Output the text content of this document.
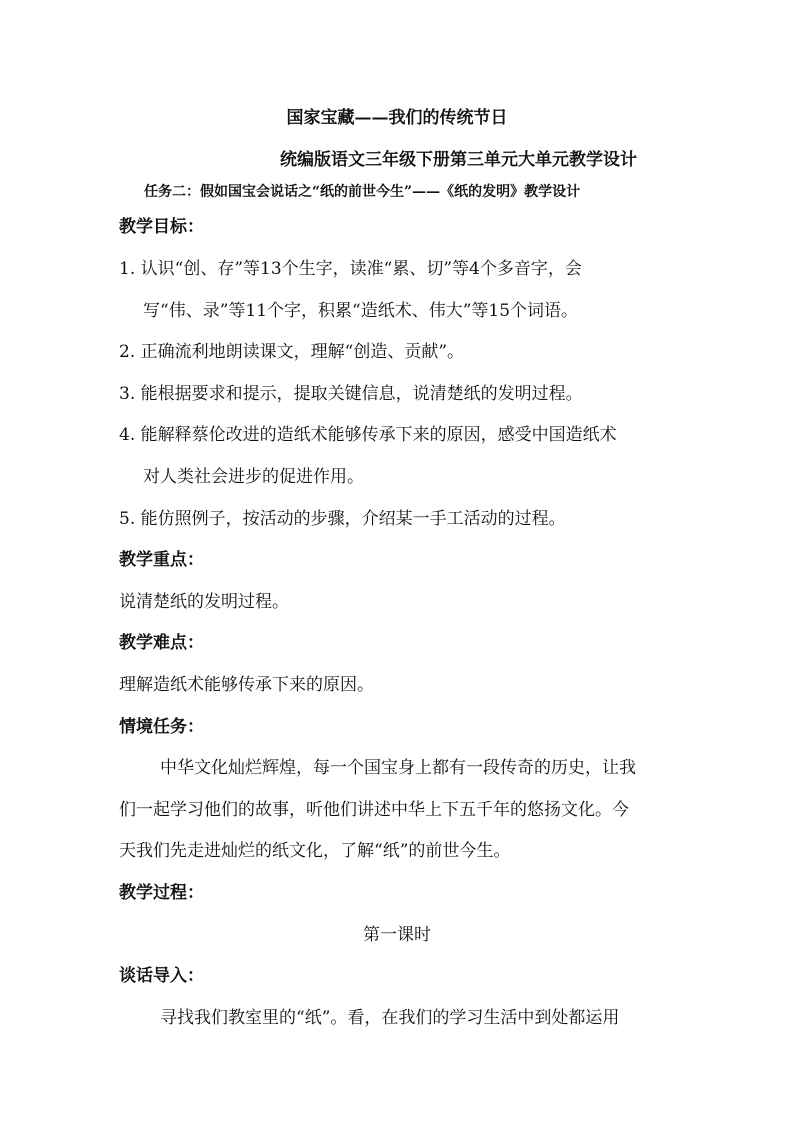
国家宝藏——我们的传统节日
统编版语文三年级下册第三单元大单元教学设计
任务二：假如国宝会说话之“纸的前世今生”——《纸的发明》教学设计
教学目标：
1. 认识“创、存”等13个生字，读准“累、切”等4个多音字，会
写“伟、录”等11个字，积累“造纸术、伟大”等15个词语。
2. 正确流利地朗读课文，理解“创造、贡献”。
3. 能根据要求和提示，提取关键信息，说清楚纸的发明过程。
4. 能解释蔡伦改进的造纸术能够传承下来的原因，感受中国造纸术
对人类社会进步的促进作用。
5. 能仿照例子，按活动的步骤，介绍某一手工活动的过程。
教学重点：
说清楚纸的发明过程。
教学难点：
理解造纸术能够传承下来的原因。
情境任务：
中华文化灿烂辉煌，每一个国宝身上都有一段传奇的历史，让我
们一起学习他们的故事，听他们讲述中华上下五千年的悠扬文化。今
天我们先走进灿烂的纸文化，了解“纸”的前世今生。
教学过程：
第一课时
谈话导入：
寻找我们教室里的“纸”。看，在我们的学习生活中到处都运用
